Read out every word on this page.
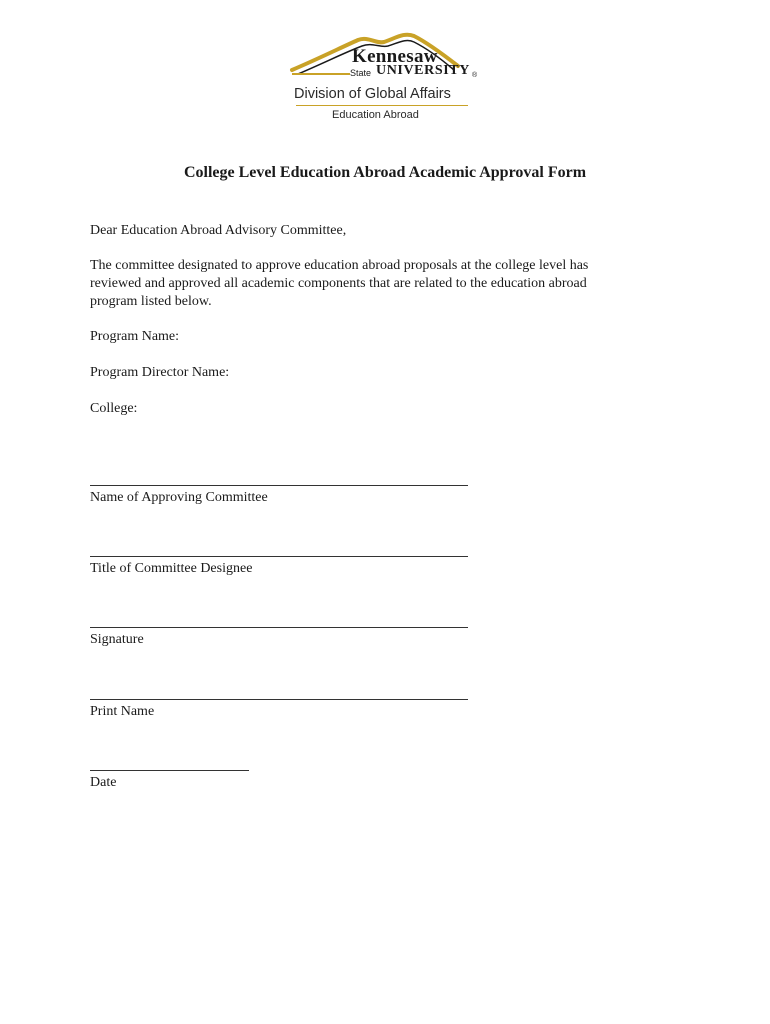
Kennesaw
State UNIVERSITY ®
Division of Global Affairs
Education Abroad
College Level Education Abroad Academic Approval Form
Dear Education Abroad Advisory Committee,
The committee designated to approve education abroad proposals at the college level has
reviewed and approved all academic components that are related to the education abroad
program listed below.
Program Name:
Program Director Name:
College:
Name of Approving Committee
Title of Committee Designee
Signature
Print Name
Date
